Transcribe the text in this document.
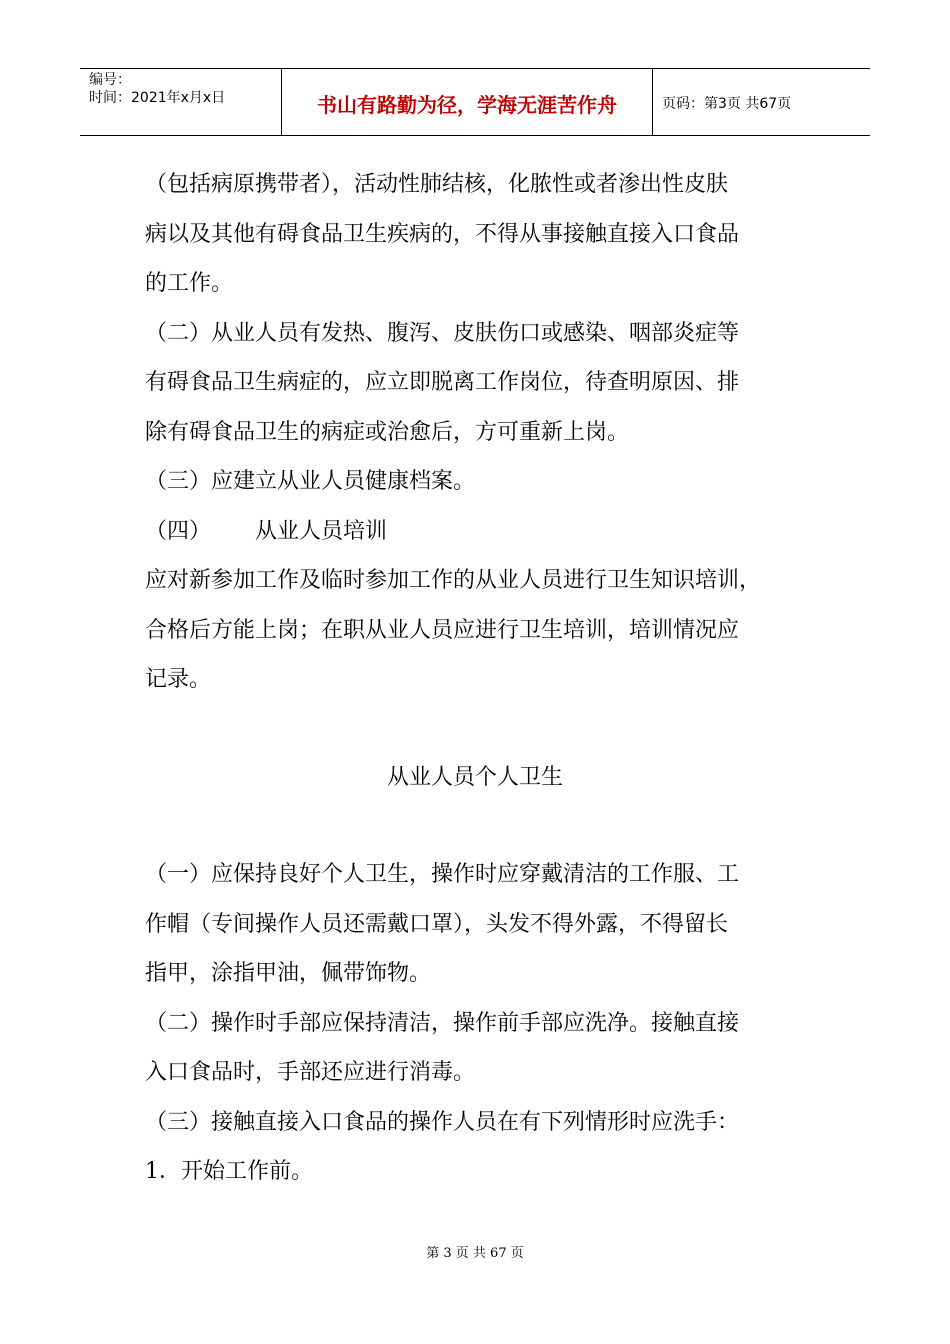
编号：
时间：2021年x月x日	书山有路勤为径，学海无涯苦作舟	页码：第3页 共67页
（包括病原携带者），活动性肺结核，化脓性或者渗出性皮肤
病以及其他有碍食品卫生疾病的，不得从事接触直接入口食品
的工作。
（二）从业人员有发热、腹泻、皮肤伤口或感染、咽部炎症等
有碍食品卫生病症的，应立即脱离工作岗位，待查明原因、排
除有碍食品卫生的病症或治愈后，方可重新上岗。
（三）应建立从业人员健康档案。
（四） 从业人员培训
应对新参加工作及临时参加工作的从业人员进行卫生知识培训，
合格后方能上岗；在职从业人员应进行卫生培训，培训情况应
记录。
从业人员个人卫生
（一）应保持良好个人卫生，操作时应穿戴清洁的工作服、工
作帽（专间操作人员还需戴口罩），头发不得外露，不得留长
指甲，涂指甲油，佩带饰物。
（二）操作时手部应保持清洁，操作前手部应洗净。接触直接
入口食品时，手部还应进行消毒。
（三）接触直接入口食品的操作人员在有下列情形时应洗手：
1．开始工作前。
第 3 页 共 67 页
